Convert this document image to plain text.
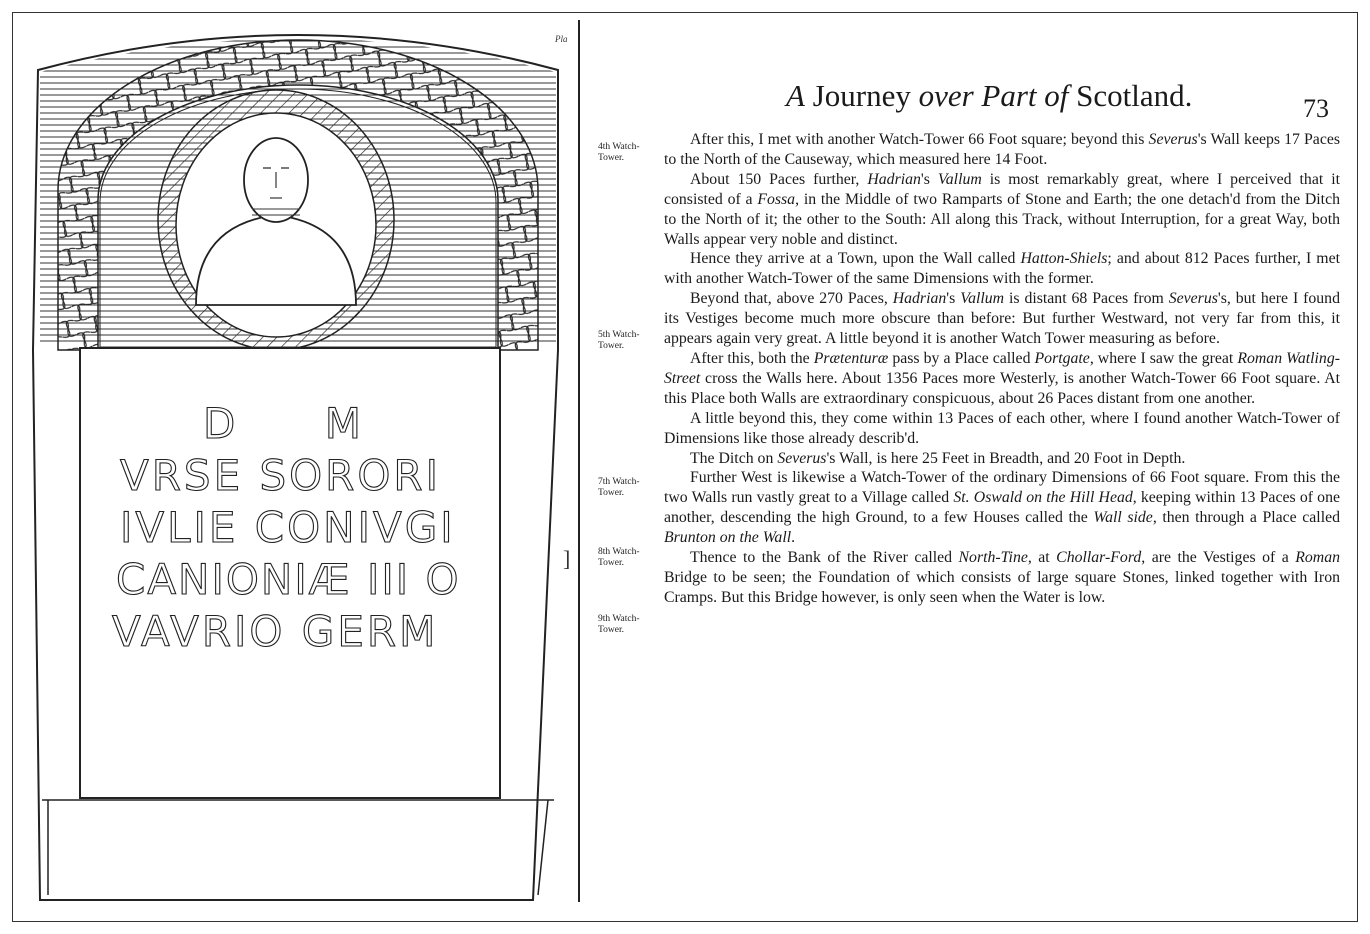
D M
VRSE SORORI
IVLIE CONIVGI
CANIONIÆ III O
VAVRIO GERM
Pla
]
A Journey over Part of Scotland.	73
4th Watch-Tower.
5th Watch-Tower.
7th Watch-Tower.
8th Watch-Tower.
9th Watch-Tower.

After this, I met with another Watch-Tower 66 Foot square; beyond this Severus's Wall keeps 17 Paces to the North of the Causeway, which measured here 14 Foot.

About 150 Paces further, Hadrian's Vallum is most remarkably great, where I perceived that it consisted of a Fossa, in the Middle of two Ramparts of Stone and Earth; the one detach'd from the Ditch to the North of it; the other to the South: All along this Track, without Interruption, for a great Way, both Walls appear very noble and distinct.

Hence they arrive at a Town, upon the Wall called Hatton-Shiels; and about 812 Paces further, I met with another Watch-Tower of the same Dimensions with the former.

Beyond that, above 270 Paces, Hadrian's Vallum is distant 68 Paces from Severus's, but here I found its Vestiges become much more obscure than before: But further Westward, not very far from this, it appears again very great. A little beyond it is another Watch Tower measuring as before.

After this, both the Prætenturæ pass by a Place called Portgate, where I saw the great Roman Watling-Street cross the Walls here. About 1356 Paces more Westerly, is another Watch-Tower 66 Foot square. At this Place both Walls are extraordinary conspicuous, about 26 Paces distant from one another.

A little beyond this, they come within 13 Paces of each other, where I found another Watch-Tower of Dimensions like those already describ'd.

The Ditch on Severus's Wall, is here 25 Feet in Breadth, and 20 Foot in Depth.

Further West is likewise a Watch-Tower of the ordinary Dimensions of 66 Foot square. From this the two Walls run vastly great to a Village called St. Oswald on the Hill Head, keeping within 13 Paces of one another, descending the high Ground, to a few Houses called the Wall side, then through a Place called Brunton on the Wall.

Thence to the Bank of the River called North-Tine, at Chollar-Ford, are the Vestiges of a Roman Bridge to be seen; the Foundation of which consists of large square Stones, linked together with Iron Cramps. But this Bridge however, is only seen when the Water is low.
